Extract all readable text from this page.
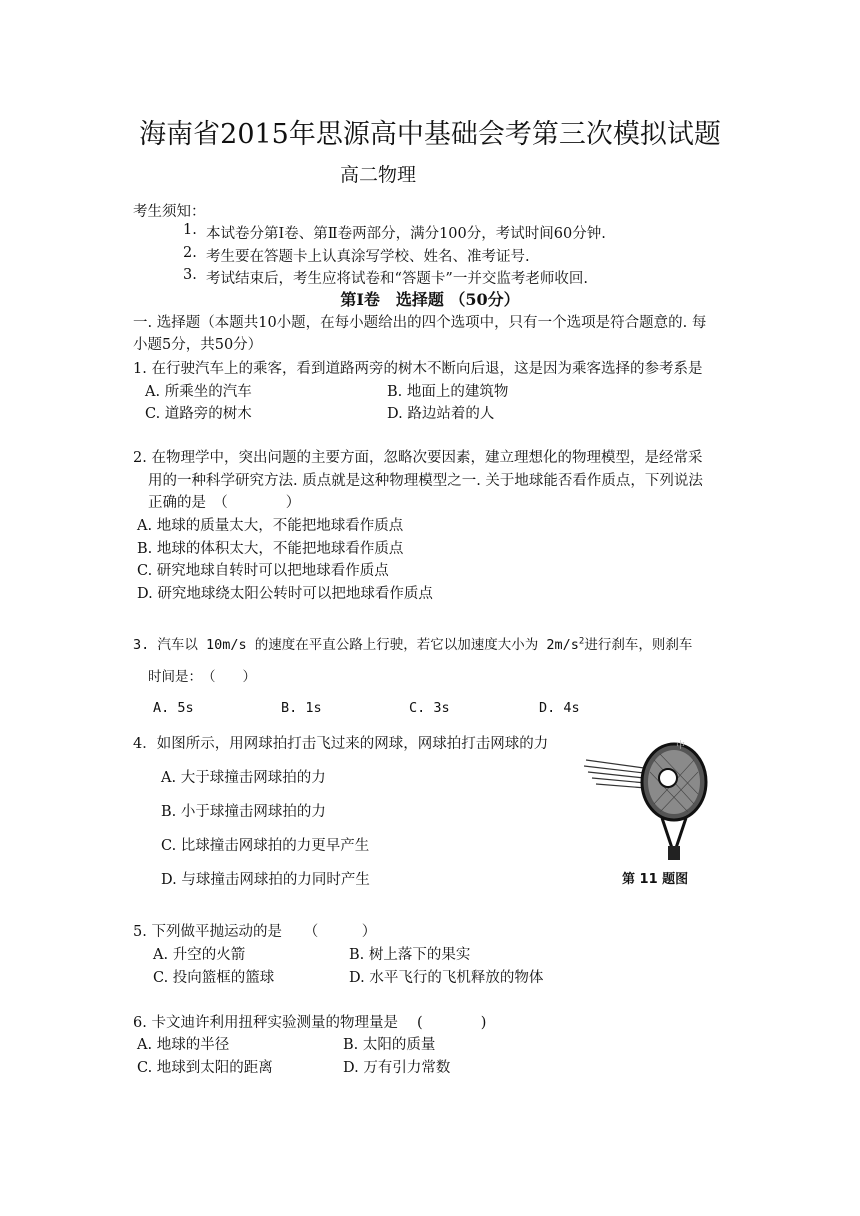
海南省2015年思源高中基础会考第三次模拟试题
高二物理
考生须知：
1. 本试卷分第Ⅰ卷、第Ⅱ卷两部分，满分100分，考试时间60分钟.
2. 考生要在答题卡上认真涂写学校、姓名、准考证号.
3. 考试结束后，考生应将试卷和“答题卡”一并交监考老师收回.
第Ⅰ卷　选择题 （50分）
一. 选择题（本题共10小题，在每小题给出的四个选项中，只有一个选项是符合题意的. 每
小题5分，共50分）
1. 在行驶汽车上的乘客，看到道路两旁的树木不断向后退，这是因为乘客选择的参考系是
A. 所乘坐的汽车	B. 地面上的建筑物
C. 道路旁的树木	D. 路边站着的人
2. 在物理学中，突出问题的主要方面，忽略次要因素，建立理想化的物理模型，是经常采
用的一种科学研究方法. 质点就是这种物理模型之一. 关于地球能否看作质点，下列说法
正确的是　（　　　　）
A. 地球的质量太大，不能把地球看作质点
B. 地球的体积太大，不能把地球看作质点
C. 研究地球自转时可以把地球看作质点
D. 研究地球绕太阳公转时可以把地球看作质点
3. 汽车以 10m/s 的速度在平直公路上行驶，若它以加速度大小为 $2m/s^2$进行刹车，则刹车
时间是：　（　　）
A. 5s	B. 1s	C. 3s	D. 4s
4．如图所示，用网球拍打击飞过来的网球，网球拍打击网球的力
A. 大于球撞击网球拍的力
B. 小于球撞击网球拍的力
C. 比球撞击网球拍的力更早产生
D. 与球撞击网球拍的力同时产生
中
第 11 题图
5. 下列做平抛运动的是　　（　　　）
A. 升空的火箭	B. 树上落下的果实
C. 投向篮框的篮球	D. 水平飞行的飞机释放的物体
6. 卡文迪许利用扭秤实验测量的物理量是　 (　　　　)
A. 地球的半径	B. 太阳的质量
C. 地球到太阳的距离	D. 万有引力常数
